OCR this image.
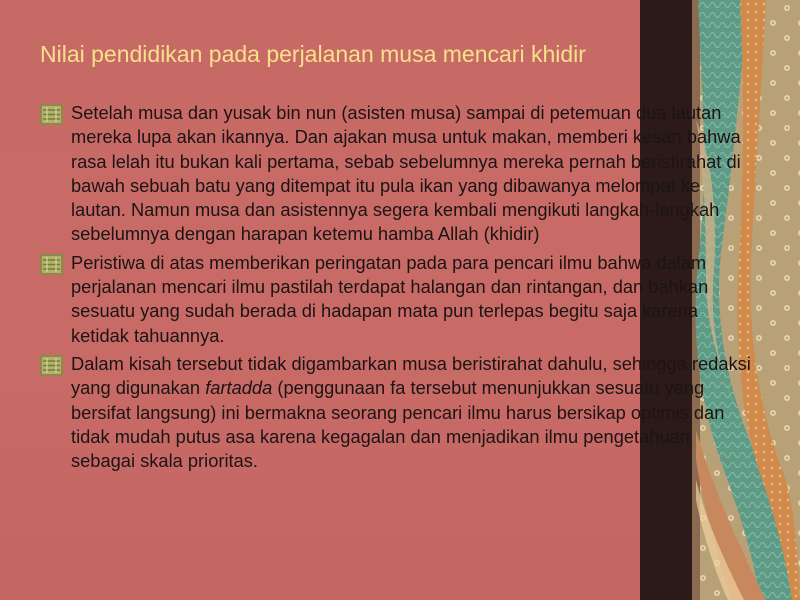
Nilai pendidikan pada perjalanan musa mencari khidir
Setelah musa dan yusak bin nun (asisten musa) sampai di petemuan dua lautan mereka lupa akan ikannya. Dan ajakan musa untuk makan, memberi kesan bahwa rasa lelah itu bukan kali pertama, sebab sebelumnya mereka pernah beristirahat di bawah sebuah batu yang ditempat itu pula ikan yang dibawanya melompat ke lautan. Namun musa dan asistennya segera kembali mengikuti langkah-langkah sebelumnya dengan harapan ketemu hamba Allah (khidir)
Peristiwa di atas memberikan peringatan pada para pencari ilmu bahwa dalam perjalanan mencari ilmu pastilah terdapat halangan dan rintangan, dan bahkan sesuatu yang sudah berada di hadapan mata pun terlepas begitu saja karena ketidak tahuannya.
Dalam kisah tersebut tidak digambarkan musa beristirahat dahulu, sehingga redaksi yang digunakan fartadda (penggunaan fa tersebut menunjukkan sesuatu yang bersifat langsung) ini bermakna seorang pencari ilmu harus bersikap optimis dan tidak mudah putus asa karena kegagalan dan menjadikan ilmu pengetahuan sebagai skala prioritas.
